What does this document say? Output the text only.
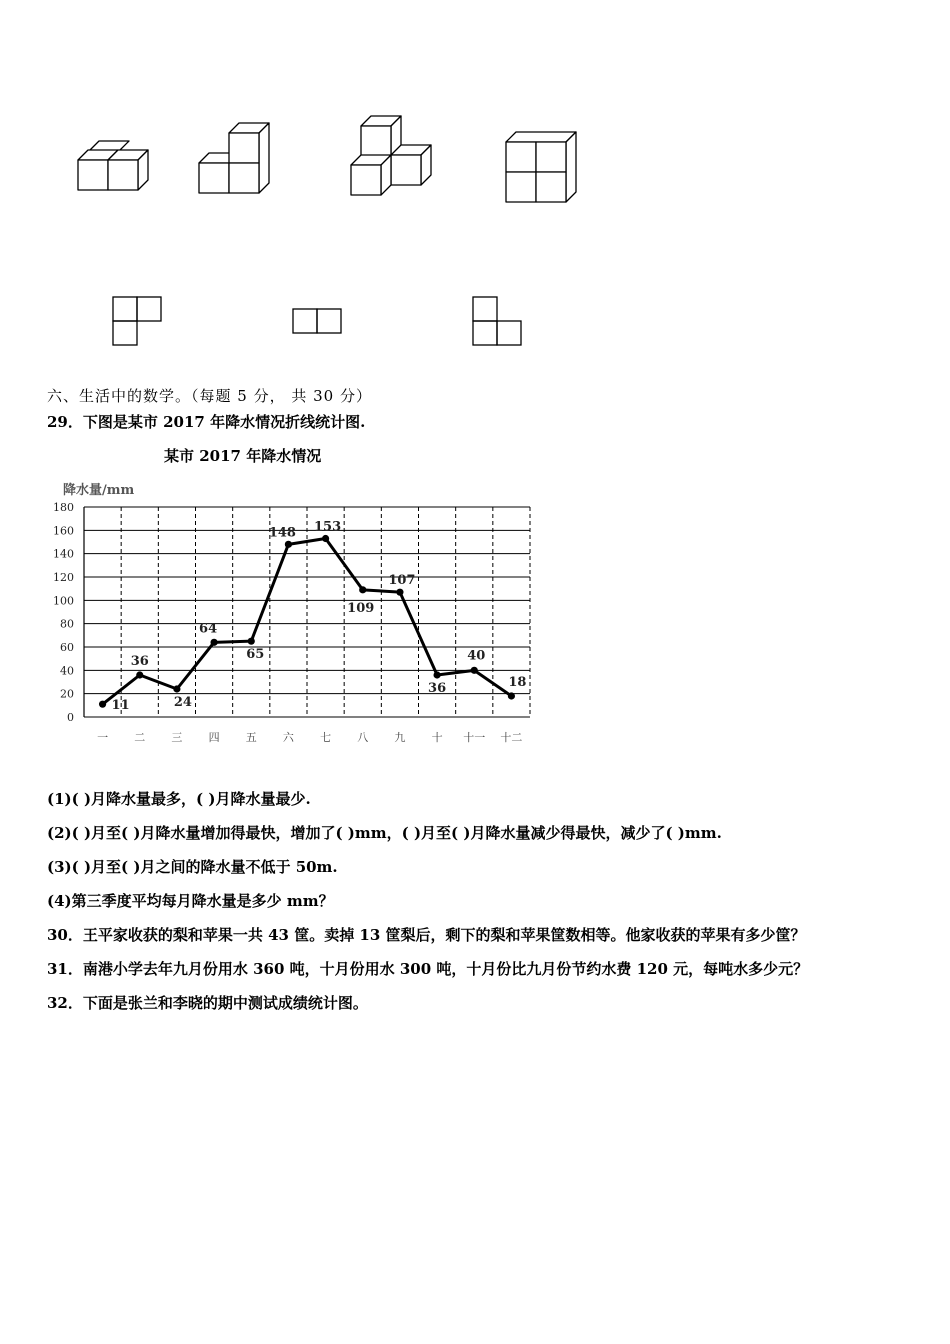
六、生活中的数学。（每题 5 分， 共 30 分）
29．下图是某市 2017 年降水情况折线统计图.
某市 2017 年降水情况
降水量/mm
0
20
40
60
80
100
120
140
160
180
一 二 三 四 五 六 七 八 九 十 十一 十二
11
36
24
64
65
148 153
109
107
36
40
18
(1)( )月降水量最多，( )月降水量最少.
(2)( )月至( )月降水量增加得最快，增加了( )mm，( )月至( )月降水量减少得最快，减少了( )mm.
(3)( )月至( )月之间的降水量不低于 50m.
(4)第三季度平均每月降水量是多少 mm？
30．王平家收获的梨和苹果一共 43 筐。卖掉 13 筐梨后，剩下的梨和苹果筐数相等。他家收获的苹果有多少筐？
31．南港小学去年九月份用水 360 吨，十月份用水 300 吨，十月份比九月份节约水费 120 元，每吨水多少元？
32．下面是张兰和李晓的期中测试成绩统计图。
